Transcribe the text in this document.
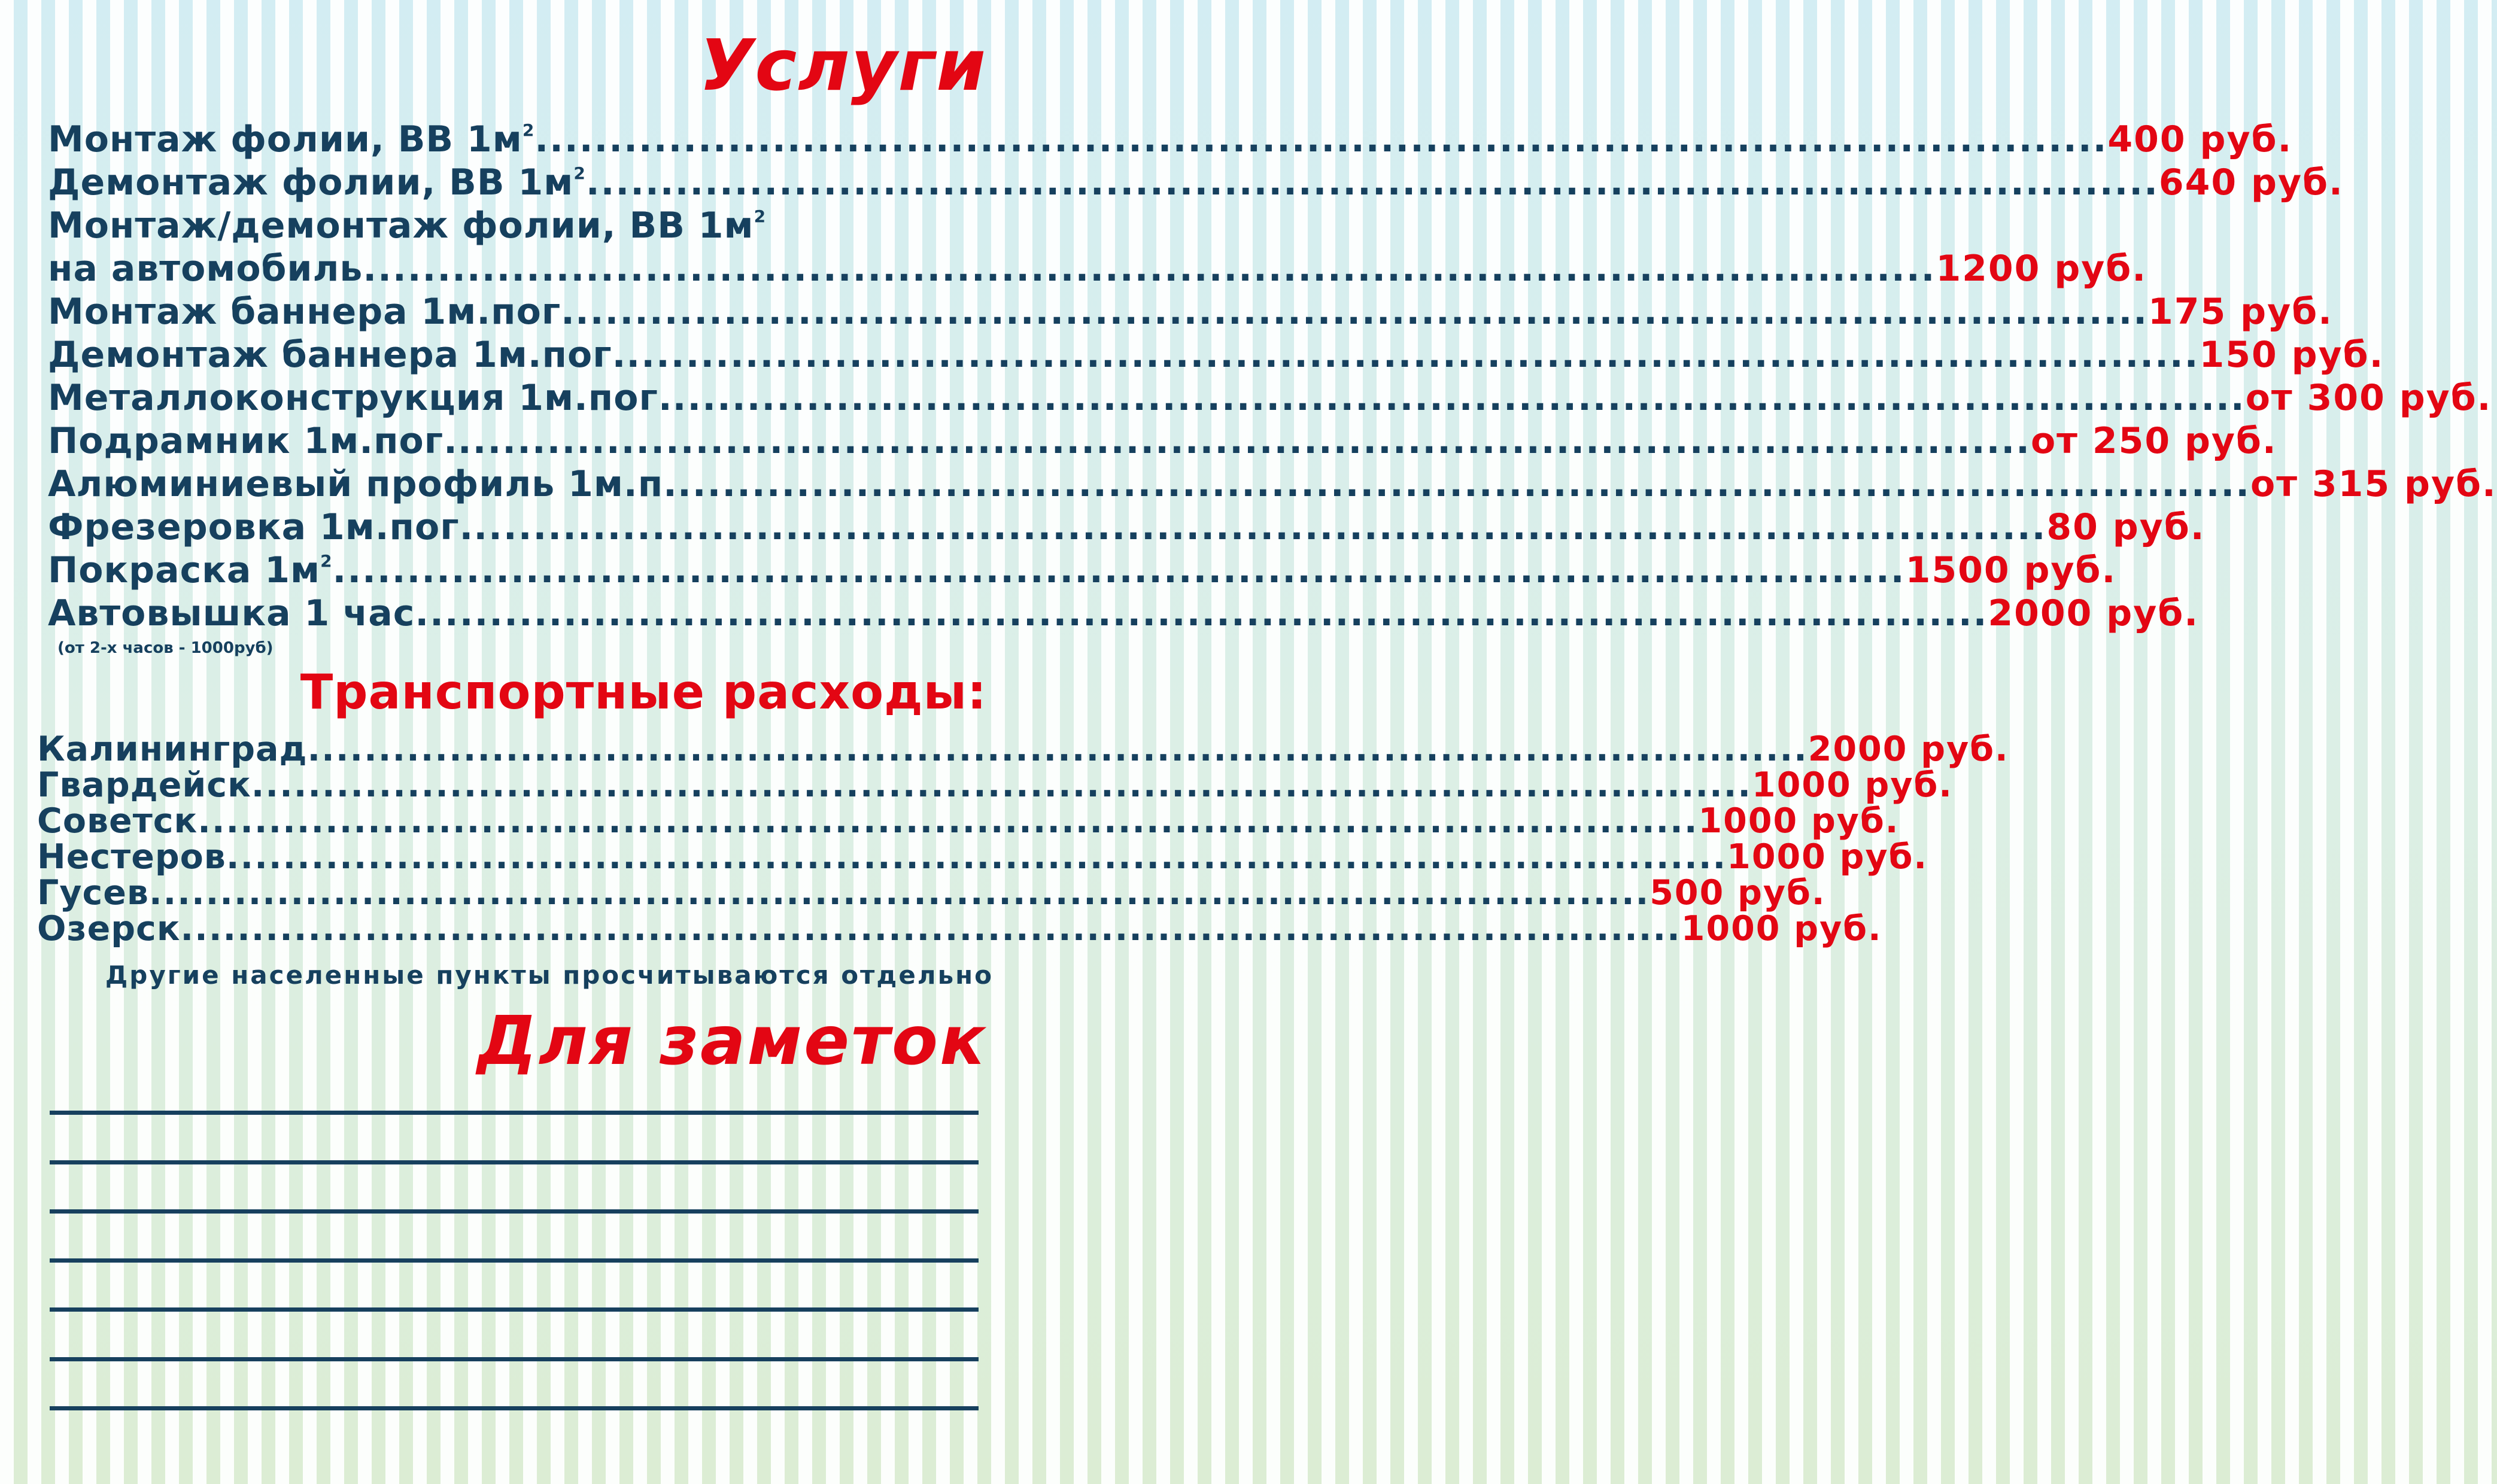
Услуги
Монтаж фолии, ВВ $1м^2$ .......................................................................................................... 400 руб.
Демонтаж фолии, ВВ $1м^2$ .......................................................................................................... 640 руб.
Монтаж/демонтаж фолии, ВВ $1м^2$
на автомобиль .......................................................................................................... 1200 руб.
Монтаж баннера 1м.пог. .......................................................................................................... 175 руб.
Демонтаж баннера 1м.пог. .......................................................................................................... 150 руб.
Металлоконструкция 1м.пог. .......................................................................................................... от 300 руб.
Подрамник 1м.пог. .......................................................................................................... от 250 руб.
Алюминиевый профиль 1м.п. .......................................................................................................... от 315 руб.
Фрезеровка 1м.пог. .......................................................................................................... 80 руб.
Покраска $1м^2$ .......................................................................................................... 1500 руб.
Автовышка 1 час .......................................................................................................... 2000 руб.
(от 2-х часов - 1000руб)
Транспортные расходы:
Калининград .......................................................................................................... 2000 руб.
Гвардейск .......................................................................................................... 1000 руб.
Советск .......................................................................................................... 1000 руб.
Нестеров .......................................................................................................... 1000 руб.
Гусев .......................................................................................................... 500 руб.
Озерск .......................................................................................................... 1000 руб.
Другие населенные пункты просчитываются отдельно
Для заметок
